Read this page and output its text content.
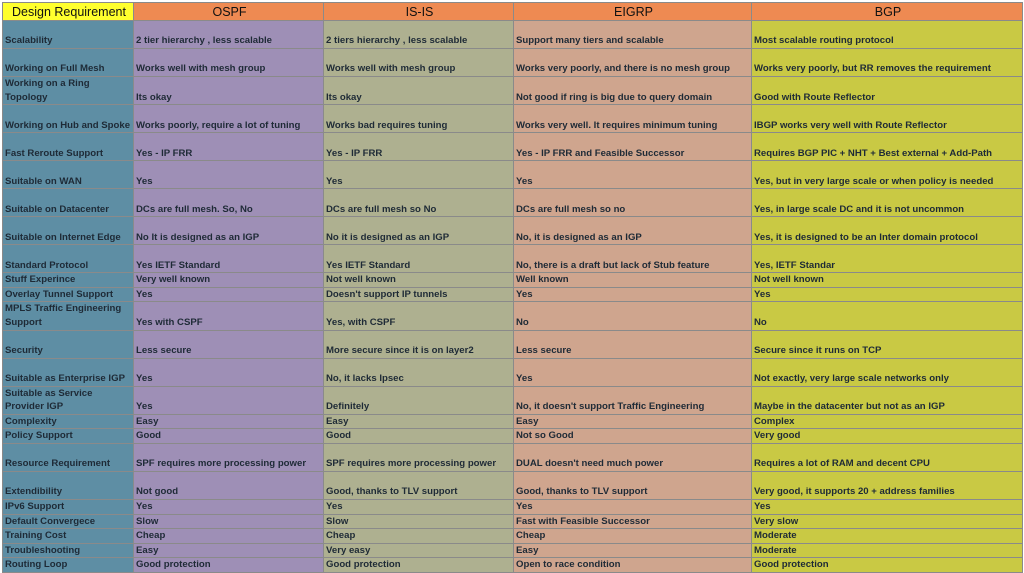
Design Requirement	OSPF	IS-IS	EIGRP	BGP
Scalability	2 tier hierarchy , less scalable	2 tiers hierarchy , less scalable	Support many tiers and scalable	Most scalable routing protocol
Working on Full Mesh	Works well with mesh group	Works well with mesh group	Works very poorly, and there is no mesh group	Works very poorly, but RR removes the requirement
Working on a Ring Topology	Its okay	Its okay	Not good if ring is big due to query domain	Good with Route Reflector
Working on Hub and Spoke	Works poorly, require a lot of tuning	Works bad requires tuning	Works very well. It requires minimum tuning	IBGP works very well with Route Reflector
Fast Reroute Support	Yes - IP FRR	Yes - IP FRR	Yes - IP FRR and Feasible Successor	Requires BGP PIC + NHT + Best external + Add-Path
Suitable on WAN	Yes	Yes	Yes	Yes, but in very large scale or when policy is needed
Suitable on Datacenter	DCs are full mesh. So, No	DCs are full mesh so No	DCs are full mesh so no	Yes, in large scale DC and it is not uncommon
Suitable on Internet Edge	No It is designed as an IGP	No it is designed as an IGP	No, it is designed as an IGP	Yes, it is designed to be an Inter domain protocol
Standard Protocol	Yes IETF Standard	Yes IETF Standard	No, there is a draft but lack of Stub feature	Yes, IETF Standar
Stuff Experince	Very well known	Not well known	Well known	Not well known
Overlay Tunnel Support	Yes	Doesn't support IP tunnels	Yes	Yes
MPLS Traffic Engineering Support	Yes with CSPF	Yes, with CSPF	No	No
Security	Less secure	More secure since it is on layer2	Less secure	Secure since it runs on TCP
Suitable as Enterprise IGP	Yes	No, it lacks Ipsec	Yes	Not exactly, very large scale networks only
Suitable as Service Provider IGP	Yes	Definitely	No, it doesn't support Traffic Engineering	Maybe in the datacenter but not as an IGP
Complexity	Easy	Easy	Easy	Complex
Policy Support	Good	Good	Not so Good	Very good
Resource Requirement	SPF requires more processing power	SPF requires more processing power	DUAL doesn't need much power	Requires a lot of RAM and decent CPU
Extendibility	Not good	Good, thanks to TLV support	Good, thanks to TLV support	Very good, it supports 20 + address families
IPv6 Support	Yes	Yes	Yes	Yes
Default Convergece	Slow	Slow	Fast with Feasible Successor	Very slow
Training Cost	Cheap	Cheap	Cheap	Moderate
Troubleshooting	Easy	Very easy	Easy	Moderate
Routing Loop	Good protection	Good protection	Open to race condition	Good protection
